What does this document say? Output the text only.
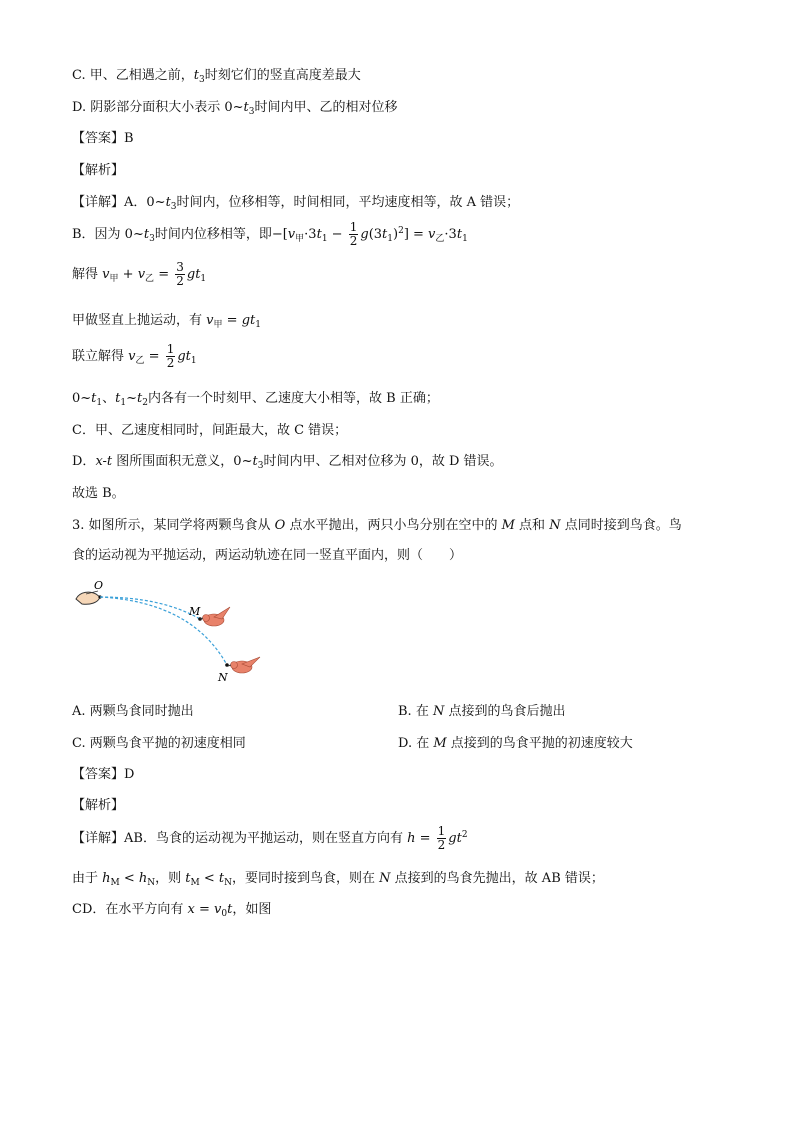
C. 甲、乙相遇之前，$t_3$时刻它们的竖直高度差最大
D. 阴影部分面积大小表示 $0\sim t_3$时间内甲、乙的相对位移
【答案】B
【解析】
【详解】A．$0\sim t_3$时间内，位移相等，时间相同，平均速度相等，故 A 错误；
B．因为 $0\sim t_3$时间内位移相等，即$-[v_甲\cdot 3t_1 - \frac{1}{2} g(3t_1)^2] = v_乙\cdot 3t_1$
解得 $v_甲 + v_乙 = \frac{3}{2} gt_1$
甲做竖直上抛运动，有 $v_甲 = gt_1$
联立解得 $v_乙 = \frac{1}{2} gt_1$
$0\sim t_1$、$t_1\sim t_2$内各有一个时刻甲、乙速度大小相等，故 B 正确；
C．甲、乙速度相同时，间距最大，故 C 错误；
D．x-t 图所围面积无意义，$0\sim t_3$时间内甲、乙相对位移为 0，故 D 错误。
故选 B。
3. 如图所示，某同学将两颗鸟食从 O 点水平抛出，两只小鸟分别在空中的 M 点和 N 点同时接到鸟食。鸟
食的运动视为平抛运动，两运动轨迹在同一竖直平面内，则（　　）
O
M
N
A. 两颗鸟食同时抛出	B. 在 N 点接到的鸟食后抛出
C. 两颗鸟食平抛的初速度相同	D. 在 M 点接到的鸟食平抛的初速度较大
【答案】D
【解析】
【详解】AB．鸟食的运动视为平抛运动，则在竖直方向有 $h = \frac{1}{2} gt^2$
由于 $h_M < h_N$，则 $t_M < t_N$，要同时接到鸟食，则在 N 点接到的鸟食先抛出，故 AB 错误；
CD．在水平方向有 $x = v_0t$，如图
